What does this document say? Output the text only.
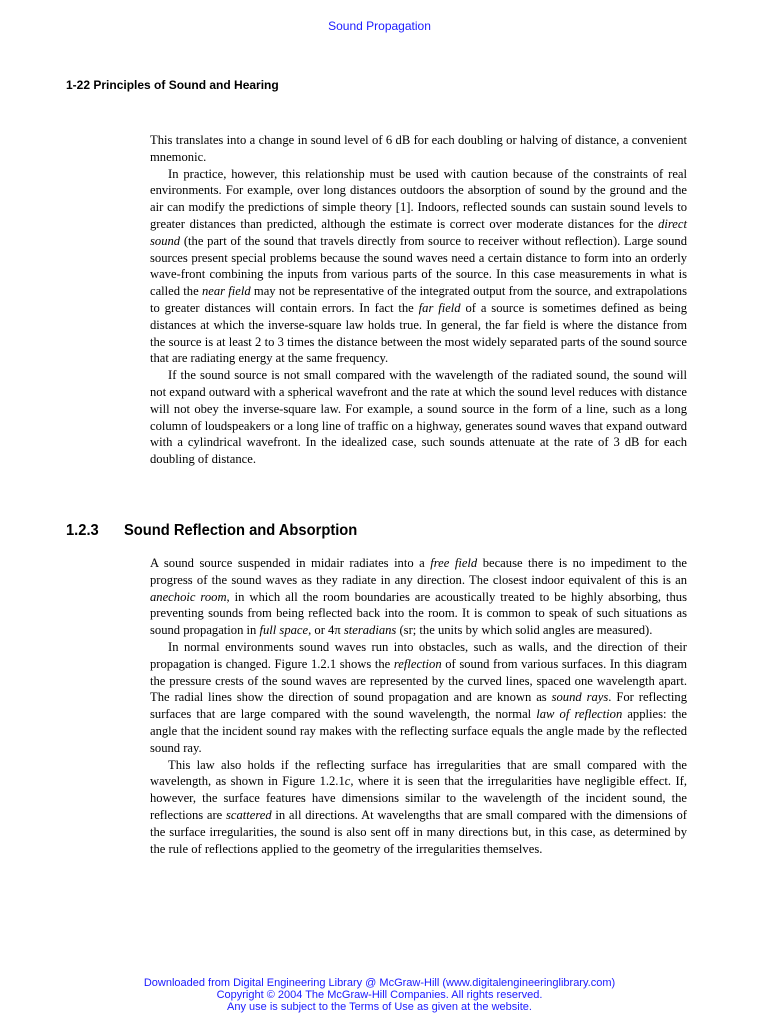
Sound Propagation
1-22 Principles of Sound and Hearing

This translates into a change in sound level of 6 dB for each doubling or halving of distance, a convenient mnemonic.

In practice, however, this relationship must be used with caution because of the constraints of real environments. For example, over long distances outdoors the absorption of sound by the ground and the air can modify the predictions of simple theory [1]. Indoors, reflected sounds can sustain sound levels to greater distances than predicted, although the estimate is correct over moderate distances for the direct sound (the part of the sound that travels directly from source to receiver without reflection). Large sound sources present special problems because the sound waves need a certain distance to form into an orderly wave-front combining the inputs from various parts of the source. In this case measurements in what is called the near field may not be representative of the integrated output from the source, and extrapolations to greater distances will contain errors. In fact the far field of a source is sometimes defined as being distances at which the inverse-square law holds true. In general, the far field is where the distance from the source is at least 2 to 3 times the distance between the most widely separated parts of the sound source that are radiating energy at the same frequency.

If the sound source is not small compared with the wavelength of the radiated sound, the sound will not expand outward with a spherical wavefront and the rate at which the sound level reduces with distance will not obey the inverse-square law. For example, a sound source in the form of a line, such as a long column of loudspeakers or a long line of traffic on a highway, generates sound waves that expand outward with a cylindrical wavefront. In the idealized case, such sounds attenuate at the rate of 3 dB for each doubling of distance.

1.2.3 Sound Reflection and Absorption

A sound source suspended in midair radiates into a free field because there is no impediment to the progress of the sound waves as they radiate in any direction. The closest indoor equivalent of this is an anechoic room, in which all the room boundaries are acoustically treated to be highly absorbing, thus preventing sounds from being reflected back into the room. It is common to speak of such situations as sound propagation in full space, or 4π steradians (sr; the units by which solid angles are measured).

In normal environments sound waves run into obstacles, such as walls, and the direction of their propagation is changed. Figure 1.2.1 shows the reflection of sound from various surfaces. In this diagram the pressure crests of the sound waves are represented by the curved lines, spaced one wavelength apart. The radial lines show the direction of sound propagation and are known as sound rays. For reflecting surfaces that are large compared with the sound wavelength, the normal law of reflection applies: the angle that the incident sound ray makes with the reflecting surface equals the angle made by the reflected sound ray.

This law also holds if the reflecting surface has irregularities that are small compared with the wavelength, as shown in Figure 1.2.1c, where it is seen that the irregularities have negligible effect. If, however, the surface features have dimensions similar to the wavelength of the incident sound, the reflections are scattered in all directions. At wavelengths that are small compared with the dimensions of the surface irregularities, the sound is also sent off in many directions but, in this case, as determined by the rule of reflections applied to the geometry of the irregularities themselves.

Downloaded from Digital Engineering Library @ McGraw-Hill (www.digitalengineeringlibrary.com)
Copyright © 2004 The McGraw-Hill Companies. All rights reserved.
Any use is subject to the Terms of Use as given at the website.
